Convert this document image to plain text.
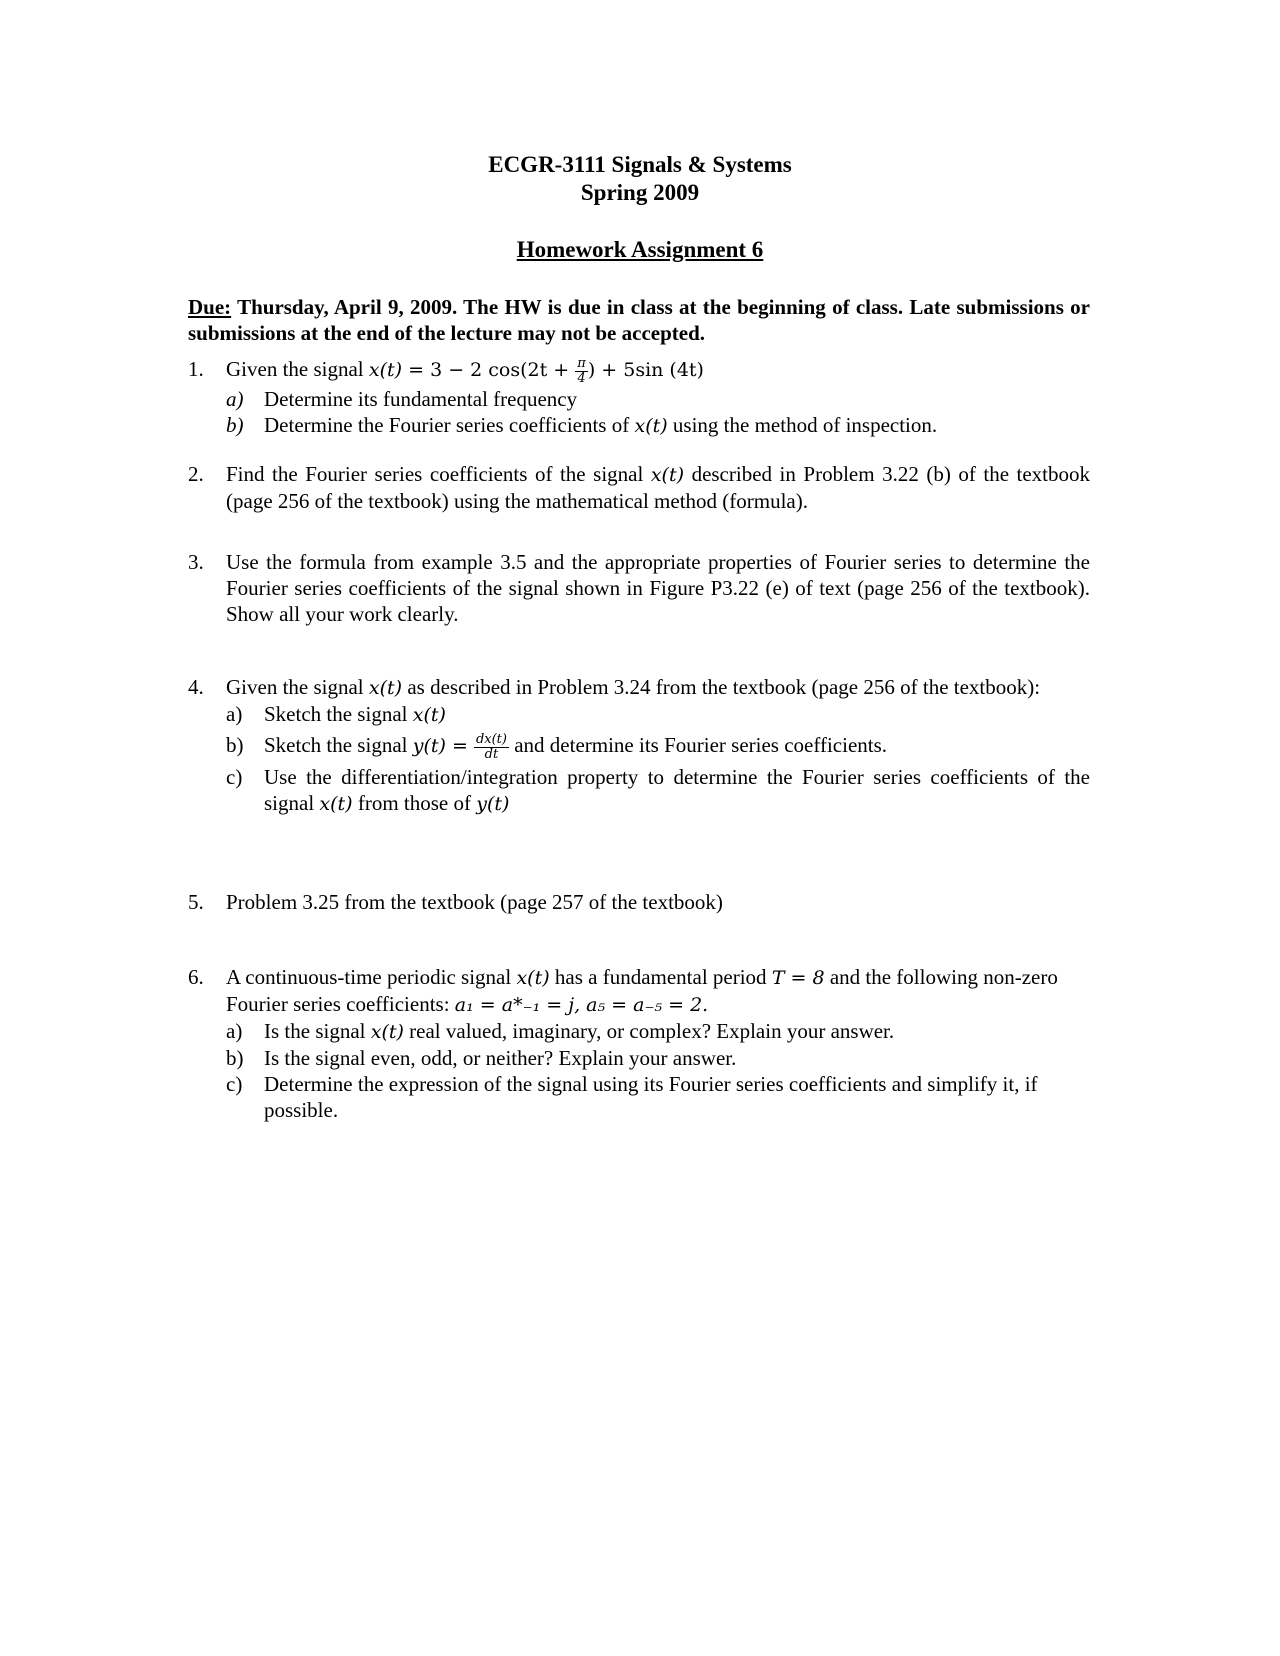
ECGR-3111 Signals & Systems
Spring 2009
Homework Assignment 6
Due: Thursday, April 9, 2009. The HW is due in class at the beginning of class. Late submissions or submissions at the end of the lecture may not be accepted.
1.	Given the signal x(t) = 3 − 2 $\cos(2t + \frac{\pi}{4}$ ) + 5sin (4t)
a) Determine its fundamental frequency
b) Determine the Fourier series coefficients of x(t) using the method of inspection.
2.	Find the Fourier series coefficients of the signal x(t) described in Problem 3.22 (b) of the textbook (page 256 of the textbook) using the mathematical method (formula).
3.	Use the formula from example 3.5 and the appropriate properties of Fourier series to determine the Fourier series coefficients of the signal shown in Figure P3.22 (e) of text (page 256 of the textbook). Show all your work clearly.
4.	Given the signal x(t) as described in Problem 3.24 from the textbook (page 256 of the textbook):
a)	Sketch the signal x(t)
b) Sketch the signal $y(t) = \frac{dx(t)}{dt}$ and determine its Fourier series coefficients.
c)	Use the differentiation/integration property to determine the Fourier series coefficients of the signal x(t) from those of y(t)
5.	Problem 3.25 from the textbook (page 257 of the textbook)
6.	A continuous-time periodic signal x(t) has a fundamental period T = 8 and the following non-zero Fourier series coefficients: a₁ = a*₋₁ = j, a₅ = a₋₅ = 2.
a)	Is the signal x(t) real valued, imaginary, or complex? Explain your answer.
b) Is the signal even, odd, or neither? Explain your answer.
c)	Determine the expression of the signal using its Fourier series coefficients and simplify it, if possible.
